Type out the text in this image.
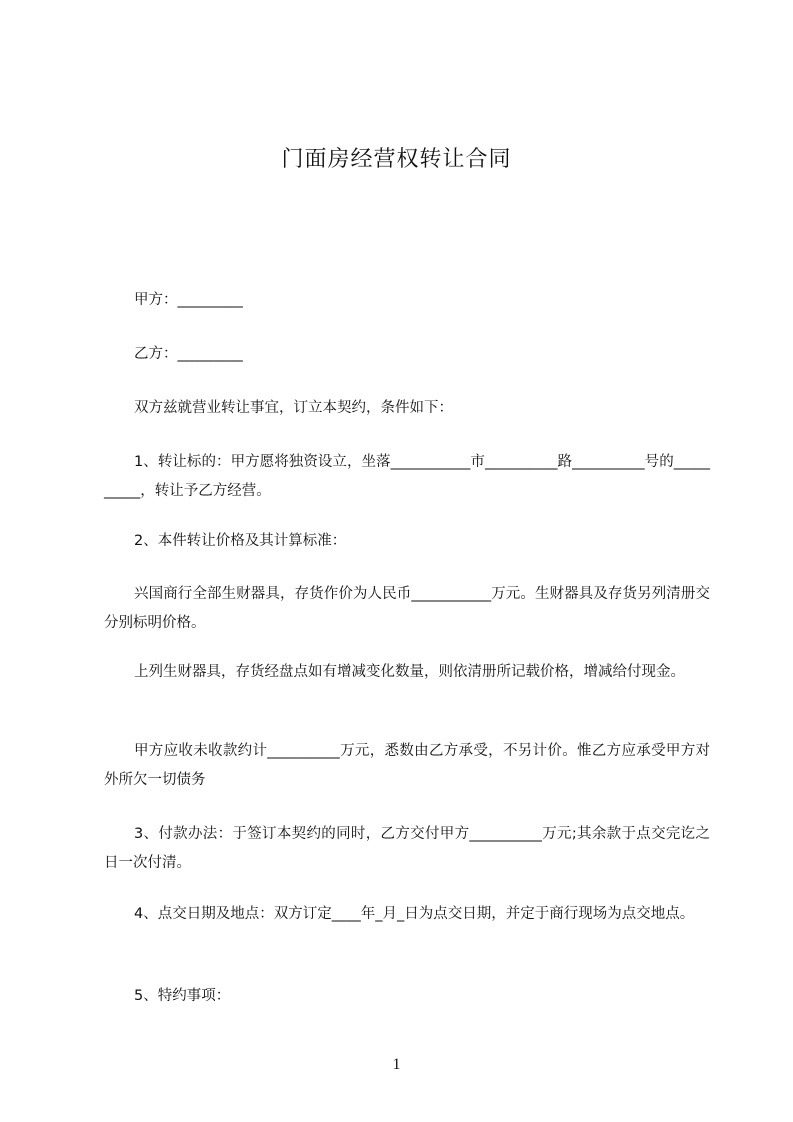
门面房经营权转让合同
甲方：_________
乙方：_________
双方兹就营业转让事宜，订立本契约，条件如下：
1、转让标的：甲方愿将独资设立，坐落___________市__________路__________号的__________，转让予乙方经营。
2、本件转让价格及其计算标准：
兴国商行全部生财器具，存货作价为人民币___________万元。生财器具及存货另列清册交分别标明价格。
上列生财器具，存货经盘点如有增减变化数量，则依清册所记载价格，增减给付现金。
甲方应收未收款约计__________万元，悉数由乙方承受，不另计价。惟乙方应承受甲方对外所欠一切债务
3、付款办法：于签订本契约的同时，乙方交付甲方__________万元;其余款于点交完讫之日一次付清。
4、点交日期及地点：双方订定____年_月_日为点交日期，并定于商行现场为点交地点。
5、特约事项：
1
